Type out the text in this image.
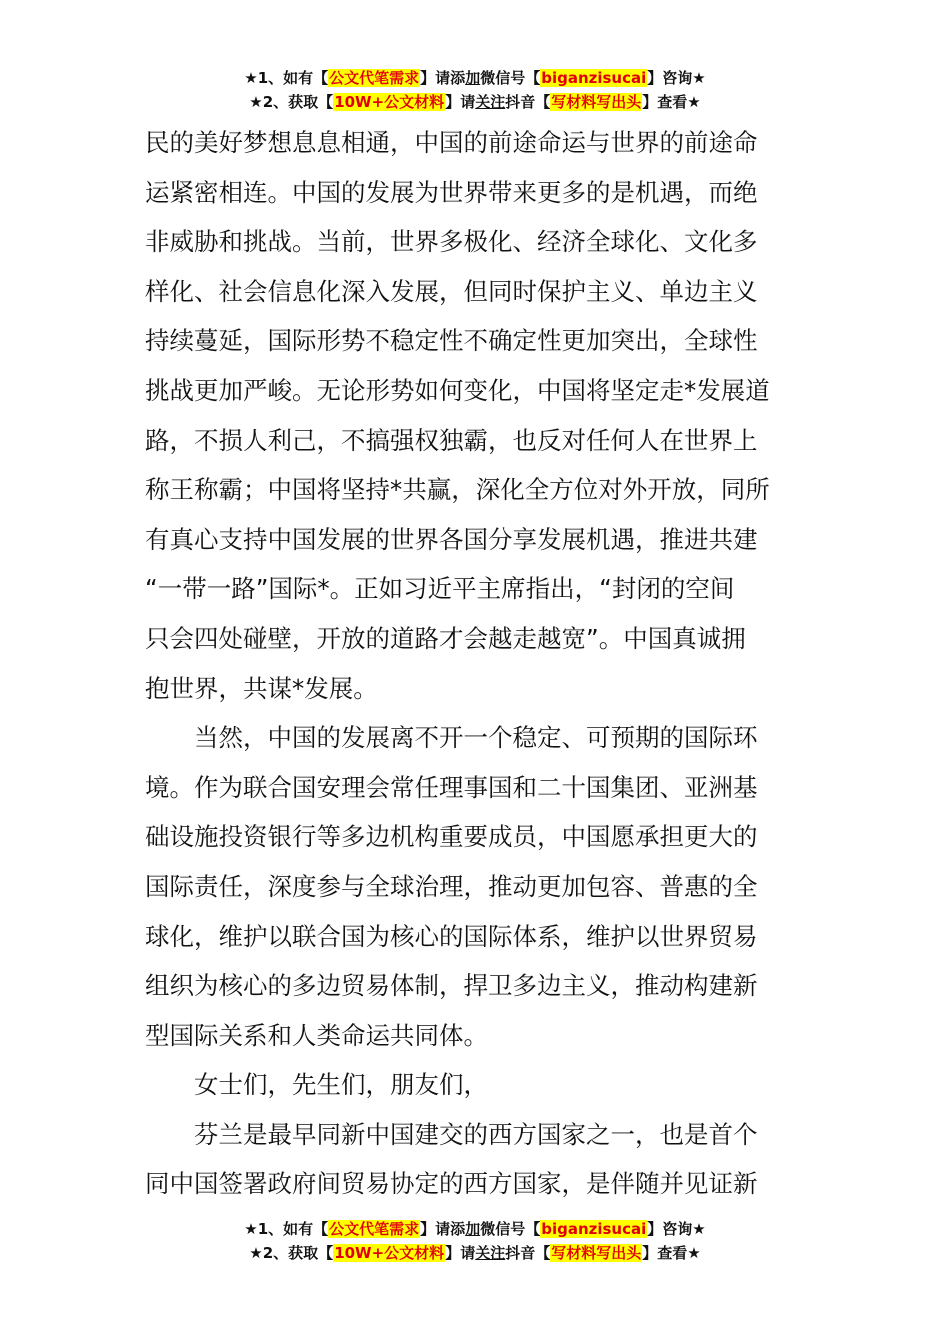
★1、如有【公文代笔需求】请添加微信号【biganzisucai】咨询★
★2、获取【10W+公文材料】请关注抖音【写材料写出头】查看★
民的美好梦想息息相通，中国的前途命运与世界的前途命
运紧密相连。中国的发展为世界带来更多的是机遇，而绝
非威胁和挑战。当前，世界多极化、经济全球化、文化多
样化、社会信息化深入发展，但同时保护主义、单边主义
持续蔓延，国际形势不稳定性不确定性更加突出，全球性
挑战更加严峻。无论形势如何变化，中国将坚定走*发展道
路，不损人利己，不搞强权独霸，也反对任何人在世界上
称王称霸；中国将坚持*共赢，深化全方位对外开放，同所
有真心支持中国发展的世界各国分享发展机遇，推进共建
“一带一路”国际*。正如习近平主席指出，“封闭的空间
只会四处碰壁，开放的道路才会越走越宽”。中国真诚拥
抱世界，共谋*发展。
　　当然，中国的发展离不开一个稳定、可预期的国际环
境。作为联合国安理会常任理事国和二十国集团、亚洲基
础设施投资银行等多边机构重要成员，中国愿承担更大的
国际责任，深度参与全球治理，推动更加包容、普惠的全
球化，维护以联合国为核心的国际体系，维护以世界贸易
组织为核心的多边贸易体制，捍卫多边主义，推动构建新
型国际关系和人类命运共同体。
　　女士们，先生们，朋友们，
　　芬兰是最早同新中国建交的西方国家之一，也是首个
同中国签署政府间贸易协定的西方国家，是伴随并见证新
★1、如有【公文代笔需求】请添加微信号【biganzisucai】咨询★
★2、获取【10W+公文材料】请关注抖音【写材料写出头】查看★
